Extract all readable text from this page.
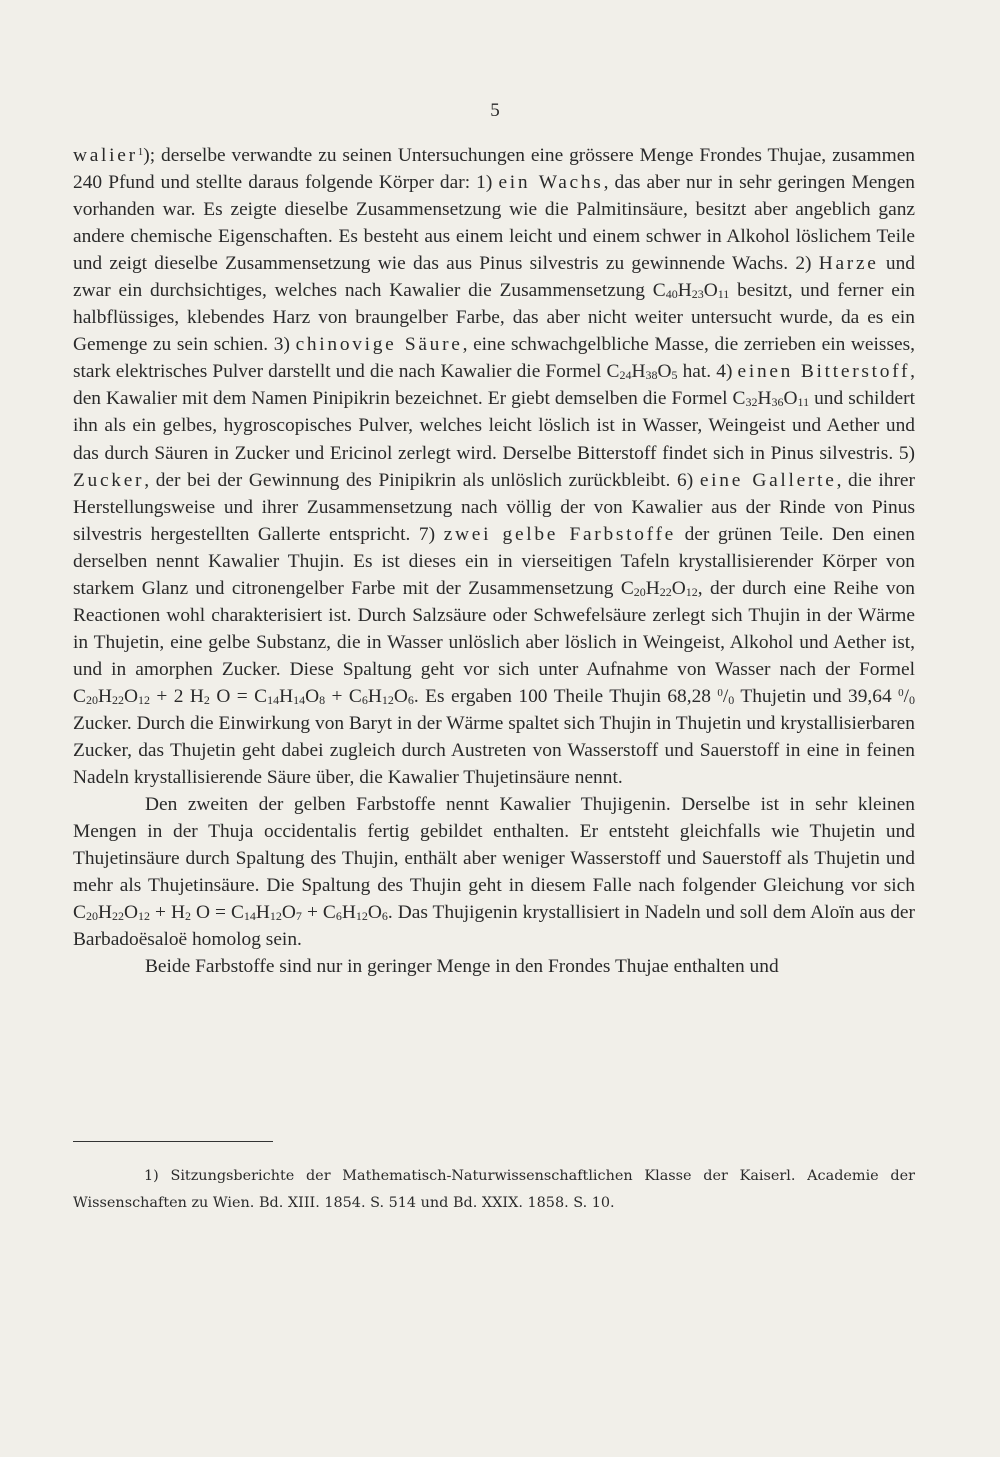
5

walier$^1$); derselbe verwandte zu seinen Untersuchungen eine grössere Menge Frondes Thujae, zusammen 240 Pfund und stellte daraus folgende Körper dar: 1) ein Wachs, das aber nur in sehr geringen Mengen vorhanden war. Es zeigte dieselbe Zusammensetzung wie die Palmitinsäure, besitzt aber angeblich ganz andere chemische Eigenschaften. Es besteht aus einem leicht und einem schwer in Alkohol löslichem Teile und zeigt dieselbe Zusammensetzung wie das aus Pinus silvestris zu gewinnende Wachs. 2) Harze und zwar ein durchsichtiges, welches nach Kawalier die Zusammensetzung $C_{40}H_{23}O_{11}$ besitzt, und ferner ein halbflüssiges, klebendes Harz von braungelber Farbe, das aber nicht weiter untersucht wurde, da es ein Gemenge zu sein schien. 3) chinovige Säure, eine schwachgelbliche Masse, die zerrieben ein weisses, stark elektrisches Pulver darstellt und die nach Kawalier die Formel $C_{24}H_{38}O_5$ hat. 4) einen Bitterstoff, den Kawalier mit dem Namen Pinipikrin bezeichnet. Er giebt demselben die Formel $C_{32}H_{36}O_{11}$ und schildert ihn als ein gelbes, hygroscopisches Pulver, welches leicht löslich ist in Wasser, Weingeist und Aether und das durch Säuren in Zucker und Ericinol zerlegt wird. Derselbe Bitterstoff findet sich in Pinus silvestris. 5) Zucker, der bei der Gewinnung des Pinipikrin als unlöslich zurückbleibt. 6) eine Gallerte, die ihrer Herstellungsweise und ihrer Zusammensetzung nach völlig der von Kawalier aus der Rinde von Pinus silvestris hergestellten Gallerte entspricht. 7) zwei gelbe Farbstoffe der grünen Teile. Den einen derselben nennt Kawalier Thujin. Es ist dieses ein in vierseitigen Tafeln krystallisierender Körper von starkem Glanz und citronengelber Farbe mit der Zusammensetzung $C_{20}H_{22}O_{12}$, der durch eine Reihe von Reactionen wohl charakterisiert ist. Durch Salzsäure oder Schwefelsäure zerlegt sich Thujin in der Wärme in Thujetin, eine gelbe Substanz, die in Wasser unlöslich aber löslich in Weingeist, Alkohol und Aether ist, und in amorphen Zucker. Diese Spaltung geht vor sich unter Aufnahme von Wasser nach der Formel $C_{20}H_{22}O_{12} + 2$ $H_2$ $O = C_{14}H_{14}O_8 + C_6H_{12}O_6$. Es ergaben 100 Theile Thujin 68,28 $^0/_0$ Thujetin und 39,64 $^0/_0$ Zucker. Durch die Einwirkung von Baryt in der Wärme spaltet sich Thujin in Thujetin und krystallisierbaren Zucker, das Thujetin geht dabei zugleich durch Austreten von Wasserstoff und Sauerstoff in eine in feinen Nadeln krystallisierende Säure über, die Kawalier Thujetinsäure nennt.

Den zweiten der gelben Farbstoffe nennt Kawalier Thujigenin. Derselbe ist in sehr kleinen Mengen in der Thuja occidentalis fertig gebildet enthalten. Er entsteht gleichfalls wie Thujetin und Thujetinsäure durch Spaltung des Thujin, enthält aber weniger Wasserstoff und Sauerstoff als Thujetin und mehr als Thujetinsäure. Die Spaltung des Thujin geht in diesem Falle nach folgender Gleichung vor sich $C_{20}H_{22}O_{12} + H_2$ $O = C_{14}H_{12}O_7 + C_6H_{12}O_6$. Das Thujigenin krystallisiert in Nadeln und soll dem Aloïn aus der Barbadoësaloë homolog sein.

Beide Farbstoffe sind nur in geringer Menge in den Frondes Thujae enthalten und

1) Sitzungsberichte der Mathematisch-Naturwissenschaftlichen Klasse der Kaiserl. Academie der Wissenschaften zu Wien. Bd. XIII. 1854. S. 514 und Bd. XXIX. 1858. S. 10.
